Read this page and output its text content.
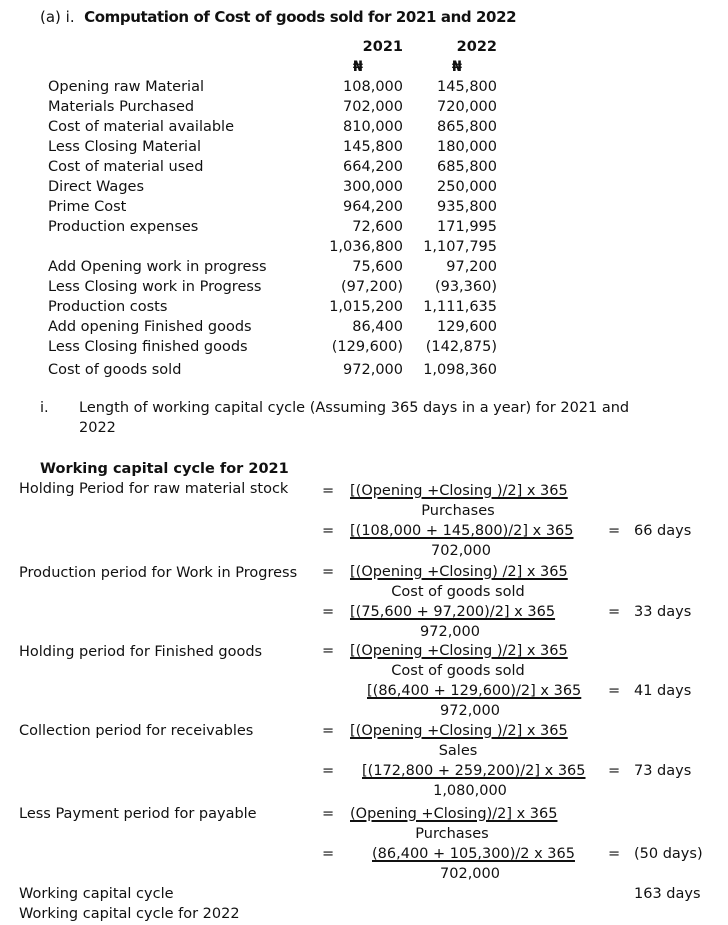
(a) i. Computation of Cost of goods sold for 2021 and 2022
2021	2022
₦	₦
Opening raw Material	108,000	145,800
Materials Purchased	702,000	720,000
Cost of material available	810,000	865,800
Less Closing Material	145,800	180,000
Cost of material used	664,200	685,800
Direct Wages	300,000	250,000
Prime Cost	964,200	935,800
Production expenses	72,600	171,995
1,036,800	1,107,795
Add Opening work in progress	75,600	97,200
Less Closing work in Progress	(97,200)	(93,360)
Production costs	1,015,200	1,111,635
Add opening Finished goods	86,400	129,600
Less Closing finished goods	(129,600)	(142,875)
Cost of goods sold	972,000	1,098,360
i. Length of working capital cycle (Assuming 365 days in a year) for 2021 and
2022
Working capital cycle for 2021
Holding Period for raw material stock = [(Opening +Closing )/2] x 365
Purchases
= [(108,000 + 145,800)/2] x 365
702,000
= 66 days
Production period for Work in Progress = [(Opening +Closing) /2] x 365
Cost of goods sold
= [(75,600 + 97,200)/2] x 365
972,000
= 33 days
Holding period for Finished goods	= [(Opening +Closing )/2] x 365
Cost of goods sold
[(86,400 + 129,600)/2] x 365
972,000
= 41 days
Collection period for receivables	= [(Opening +Closing )/2] x 365
Sales
= [(172,800 + 259,200)/2] x 365
1,080,000
= 73 days
Less Payment period for payable	= (Opening +Closing)/2] x 365
Purchases
=	(86,400 + 105,300)/2 x 365
702,000
= (50 days)
Working capital cycle	163 days
Working capital cycle for 2022
